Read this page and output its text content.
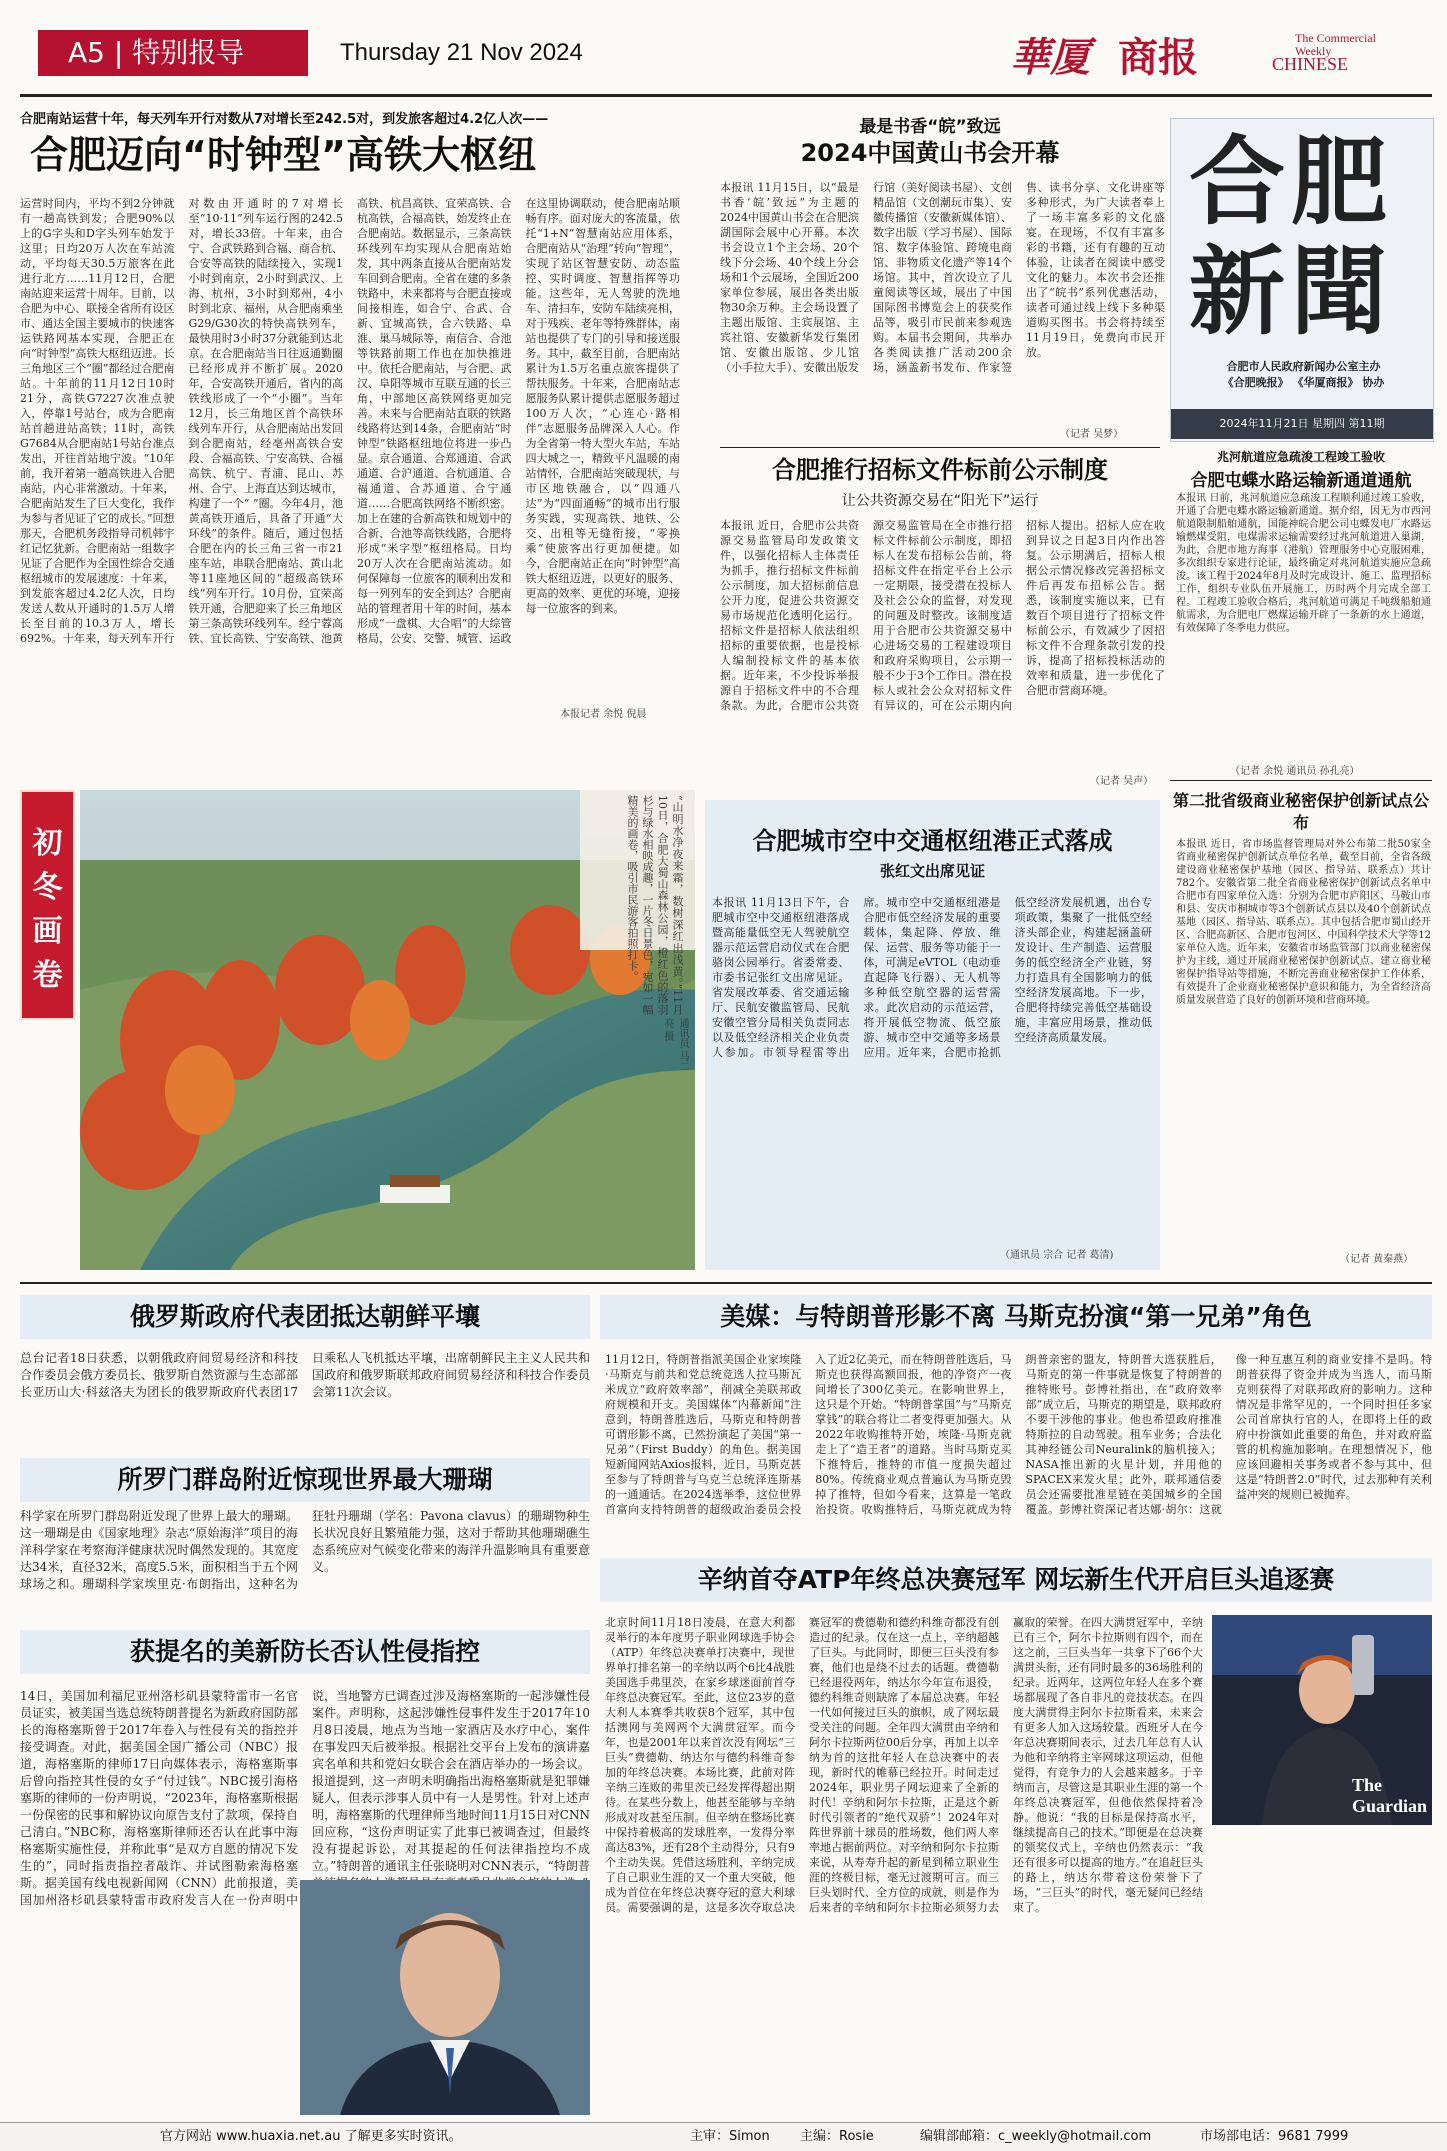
A5 | 特别报导	Thursday 21 Nov 2024	華厦 商报	The Commercial
Weekly
CHINESE
合肥南站运营十年，每天列车开行对数从7对增长至242.5对，到发旅客超过4.2亿人次——
合肥迈向“时钟型”高铁大枢纽
运营时间内，平均不到2分钟就有一趟高铁到发；合肥90%以上的G字头和D字头列车始发于这里；日均20万人次在车站流动，平均每天30.5万旅客在此进行北方……11月12日，合肥南站迎来运营十周年。目前，以合肥为中心、联接全省所有设区市、通达全国主要城市的快速客运铁路网基本实现，合肥正在向“时钟型”高铁大枢纽迈进。长三角地区三个“圈”都经过合肥南站。十年前的11月12日10时21分，高铁G7227次准点驶入，停靠1号站台，成为合肥南站首趟进站高铁；11时，高铁G7684从合肥南站1号站台准点发出，开往首站地宁波。“10年前，我开着第一趟高铁进入合肥南站，内心非常激动。十年来，合肥南站发生了巨大变化，我作为参与者见证了它的成长。”回想那天，合肥机务段指导司机韩宇红记忆犹新。合肥南站一组数字见证了合肥作为全国性综合交通枢纽城市的发展速度：十年来，到发旅客超过4.2亿人次，日均发送人数从开通时的1.5万人增长至目前的10.3万人，增长692%。十年来，每天列车开行对数由开通时的7对增长至“10·11”列车运行图的242.5对，增长33倍。十年来，由合宁、合武铁路到合福、商合杭、合安等高铁的陆续接入，实现1小时到南京，2小时到武汉、上海、杭州，3小时到郑州，4小时到北京、福州，从合肥南乘坐G29/G30次的特快高铁列车，最快用时3小时37分就能到达北京。在合肥南站当日往返通勤圈已经形成并不断扩展。2020年，合安高铁开通后，省内的高铁线形成了一个“小圈”。当年12月，长三角地区首个高铁环线列车开行，从合肥南站出发回到合肥南站，经亳州高铁合安段、合福高铁、宁安高铁、合福高铁、杭宁、青浦、昆山、苏州、合宁、上海直达到达城市，构建了一个“ ”圈。今年4月，池黄高铁开通后，具备了开通“大环线”的条件。随后，通过包括合肥在内的长三角三省一市21座车站，串联合肥南站、黄山北等11座地区间的“超级高铁环线”列车开行。10月份，宜荣高铁开通，合肥迎来了长三角地区第三条高铁环线列车。经宁蓉高铁、宜长高铁、宁安高铁、池黄高铁、杭昌高铁、宜荣高铁、合杭高铁，合福高铁，始发终止在合肥南站。数据显示，三条高铁环线列车均实现从合肥南站始发，其中两条直接从合肥南站发车回到合肥南。全省在建的多条铁路中，未来都将与合肥直接或间接相连，如合宁、合武、合新、宜城高铁，合六铁路、阜淮、巢马城际等，南信合、合池等铁路前期工作也在加快推进中。依托合肥南站，与合肥、武汉、阜阳等城市互联互通的长三角，中部地区高铁网络更加完善。未来与合肥南站直联的铁路线路将达到14条，合肥南站“时钟型”铁路枢纽地位将进一步凸显。京合通道、合郑通道、合武通道、合沪通道、合杭通道、合福通道、合苏通道、合宁通道……合肥高铁网络不断织密。加上在建的合新高铁和规划中的合新、合池等高铁线路，合肥将形成“米字型”枢纽格局。日均20万人次在合肥南站流动。如何保障每一位旅客的顺利出发和每一列列车的安全到达？合肥南站的管理者用十年的时间，基本形成“一盘棋、大合唱”的大综管格局，公安、交警、城管、运政在这里协调联动，使合肥南站顺畅有序。面对庞大的客流量，依托“1+N”智慧南站应用体系，合肥南站从“治理”转向“智理”，实现了站区智慧安防、动态监控、实时调度、智慧指挥等功能。这些年，无人驾驶的洗地车、清扫车，安防车陆续亮相，对于残疾、老年等特殊群体，南站也提供了专门的引导和接送服务。其中，截至目前，合肥南站累计为1.5万名重点旅客提供了帮扶服务。十年来，合肥南站志愿服务队累计提供志愿服务超过100万人次，“心连心·路相伴”志愿服务品牌深入人心。作为全省第一特大型火车站，车站四大城之一，精致平凡温暖的南站情怀，合肥南站突破现状，与市区地铁融合，以“四通八达”为“四面通畅”的城市出行服务实践，实现高铁、地铁、公交、出租等无缝衔接，“零换乘”使旅客出行更加便捷。如今，合肥南站正在向“时钟型”高铁大枢纽迈进，以更好的服务、更高的效率、更优的环境，迎接每一位旅客的到来。
本报记者 余悦 倪晨
最是书香“皖”致远
2024中国黄山书会开幕
本报讯 11月15日，以“最是书香‘皖’致远”为主题的2024中国黄山书会在合肥滨湖国际会展中心开幕。本次书会设立1个主会场、20个线下分会场、40个线上分会场和1个云展场，全国近200家单位参展，展出各类出版物30余万种。主会场设置了主题出版馆、主宾展馆、主宾社馆、安徽新华发行集团馆、安徽出版馆、少儿馆（小手拉大手）、安徽出版发行馆（美好阅读书屋）、文创精品馆（文创潮玩市集）、安徽传播馆（安徽新媒体馆）、数字出版（学习书屋）、国际馆、数字体验馆、跨境电商馆、非物质文化遗产等14个场馆。其中，首次设立了儿童阅读等区域，展出了中国国际图书博览会上的获奖作品等，吸引市民前来参观选购。本届书会期间，共举办各类阅读推广活动200余场，涵盖新书发布、作家签售、读书分享、文化讲座等多种形式，为广大读者奉上了一场丰富多彩的文化盛宴。在现场，不仅有丰富多彩的书籍，还有有趣的互动体验，让读者在阅读中感受文化的魅力。本次书会还推出了“皖书”系列优惠活动，读者可通过线上线下多种渠道购买图书。书会将持续至11月19日，免费向市民开放。
（记者 吴梦）
合肥新聞
合肥市人民政府新闻办公室主办
《合肥晚报》 《华厦商报》 协办
2024年11月21日 星期四 第11期
合肥推行招标文件标前公示制度
让公共资源交易在“阳光下”运行
本报讯 近日，合肥市公共资源交易监管局印发政策文件，以强化招标人主体责任为抓手，推行招标文件标前公示制度，加大招标前信息公开力度，促进公共资源交易市场规范化透明化运行。招标文件是招标人依法组织招标的重要依据，也是投标人编制投标文件的基本依据。近年来，不少投诉举报源自于招标文件中的不合理条款。为此，合肥市公共资源交易监管局在全市推行招标文件标前公示制度，即招标人在发布招标公告前，将招标文件在指定平台上公示一定期限，接受潜在投标人及社会公众的监督，对发现的问题及时整改。该制度适用于合肥市公共资源交易中心进场交易的工程建设项目和政府采购项目，公示期一般不少于3个工作日。潜在投标人或社会公众对招标文件有异议的，可在公示期内向招标人提出。招标人应在收到异议之日起3日内作出答复。公示期满后，招标人根据公示情况修改完善招标文件后再发布招标公告。据悉，该制度实施以来，已有数百个项目进行了招标文件标前公示，有效减少了因招标文件不合理条款引发的投诉，提高了招标投标活动的效率和质量，进一步优化了合肥市营商环境。
（记者 吴声）
兆河航道应急疏浚工程竣工验收
合肥屯蝶水路运输新通道通航
本报讯 日前，兆河航道应急疏浚工程顺利通过竣工验收，开通了合肥屯蝶水路运输新通道。据介绍，因无为市西河航道限制船舶通航，国能神皖合肥公司屯蝶发电厂水路运输燃煤受阻，电煤需求运输需要经过兆河航道进入巢湖，为此，合肥市地方海事（港航）管理服务中心克服困难，多次组织专家进行论证，最终确定对兆河航道实施应急疏浚。该工程于2024年8月及时完成设计、施工、监理招标工作，组织专业队伍开展施工，历时两个月完成全部工程。工程竣工验收合格后，兆河航道可满足千吨级船舶通航需求，为合肥电厂燃煤运输开辟了一条新的水上通道，有效保障了冬季电力供应。
（记者 余悦 通讯员 孙孔亮）
第二批省级商业秘密保护创新试点公布
本报讯 近日，省市场监督管理局对外公布第二批50家全省商业秘密保护创新试点单位名单，截至目前，全省各级建设商业秘密保护基地（园区、指导站、联系点）共计782个。安徽省第二批全省商业秘密保护创新试点名单中合肥市有四家单位入选：分别为合肥市庐阳区、马鞍山市和县、安庆市桐城市等3个创新试点县以及40个创新试点基地（园区、指导站、联系点）。其中包括合肥市蜀山经开区、合肥高新区、合肥市包河区、中国科学技术大学等12家单位入选。近年来，安徽省市场监管部门以商业秘密保护为主线，通过开展商业秘密保护创新试点、建立商业秘密保护指导站等措施，不断完善商业秘密保护工作体系，有效提升了企业商业秘密保护意识和能力，为全省经济高质量发展营造了良好的创新环境和营商环境。
（记者 黄秦燕）
初冬画卷	“山明水净夜来霜，数树深红出浅黄。”11月10日，合肥大蜀山森林公园，橙红色的落羽杉与绿水相映成趣，一片冬日景色，宛如一幅精美的画卷，吸引市民游客拍照打卡。
通讯员 马二亮 摄
合肥城市空中交通枢纽港正式落成
张红文出席见证
本报讯 11月13日下午，合肥城市空中交通枢纽港落成暨高能量低空无人驾驶航空器示范运营启动仪式在合肥骆岗公园举行。省委常委、市委书记张红文出席见证。省发展改革委、省交通运输厅、民航安徽监管局、民航安徽空管分局相关负责同志以及低空经济相关企业负责人参加。市领导程雷等出席。城市空中交通枢纽港是合肥市低空经济发展的重要载体，集起降、停放、维保、运营、服务等功能于一体，可满足eVTOL（电动垂直起降飞行器）、无人机等多种低空航空器的运营需求。此次启动的示范运营，将开展低空物流、低空旅游、城市空中交通等多场景应用。近年来，合肥市抢抓低空经济发展机遇，出台专项政策，集聚了一批低空经济头部企业，构建起涵盖研发设计、生产制造、运营服务的低空经济全产业链，努力打造具有全国影响力的低空经济发展高地。下一步，合肥将持续完善低空基础设施，丰富应用场景，推动低空经济高质量发展。
（通讯员 宗合 记者 葛清)
俄罗斯政府代表团抵达朝鲜平壤
总台记者18日获悉，以朝俄政府间贸易经济和科技合作委员会俄方委员长、俄罗斯自然资源与生态部部长亚历山大·科兹洛夫为团长的俄罗斯政府代表团17日乘私人飞机抵达平壤，出席朝鲜民主主义人民共和国政府和俄罗斯联邦政府间贸易经济和科技合作委员会第11次会议。
所罗门群岛附近惊现世界最大珊瑚
科学家在所罗门群岛附近发现了世界上最大的珊瑚。这一珊瑚是由《国家地理》杂志“原始海洋”项目的海洋科学家在考察海洋健康状况时偶然发现的。其宽度达34米，直径32米，高度5.5米，面积相当于五个网球场之和。珊瑚科学家埃里克·布朗指出，这种名为狂牡丹珊瑚（学名：Pavona clavus）的珊瑚物种生长状况良好且繁殖能力强，这对于帮助其他珊瑚礁生态系统应对气候变化带来的海洋升温影响具有重要意义。
获提名的美新防长否认性侵指控
14日，美国加利福尼亚州洛杉矶县蒙特雷市一名官员证实，被美国当选总统特朗普提名为新政府国防部长的海格塞斯曾于2017年卷入与性侵有关的指控并接受调查。对此，据美国全国广播公司（NBC）报道，海格塞斯的律师17日向媒体表示，海格塞斯事后曾向指控其性侵的女子“付过钱”。NBC援引海格塞斯的律师的一份声明说，“2023年，海格塞斯根据一份保密的民事和解协议向原告支付了款项，保持自己清白。”NBC称，海格塞斯律师还否认在此事中海格塞斯实施性侵，并称此事“是双方自愿的情况下发生的”，同时指责指控者敲诈、并试图勒索海格塞斯。据美国有线电视新闻网（CNN）此前报道，美国加州洛杉矶县蒙特雷市政府发言人在一份声明中说，当地警方已调查过涉及海格塞斯的一起涉嫌性侵案件。声明称，这起涉嫌性侵事件发生于2017年10月8日凌晨，地点为当地一家酒店及水疗中心，案件在事发四天后被举报。根据社交平台上发布的演讲嘉宾名单和共和党妇女联合会在酒店举办的一场会议。报道提到，这一声明未明确指出海格塞斯就是犯罪嫌疑人，但表示涉事人员中有一人是男性。针对上述声明，海格塞斯的代理律师当地时间11月15日对CNN回应称，“这份声明证实了此事已被调查过，但最终没有提起诉讼，对其提起的任何法律指控均不成立。”特朗普的通讯主任张晓明对CNN表示，“特朗普
美媒：与特朗普形影不离 马斯克扮演“第一兄弟”角色
11月12日，特朗普指派美国企业家埃隆·马斯克与前共和党总统竞选人拉马斯瓦米成立“政府效率部”，削减全美联邦政府规模和开支。美国媒体“内幕新闻”注意到，特朗普胜选后，马斯克和特朗普可谓形影不离，已然扮演起了美国“第一兄弟”（First Buddy）的角色。据美国短新闻网站Axios报料，近日，马斯克甚至参与了特朗普与乌克兰总统泽连斯基的一通通话。在2024选举季，这位世界首富向支持特朗普的超级政治委员会投入了近2亿美元，而在特朗普胜选后，马斯克也获得高额回报，他的净资产一夜间增长了300亿美元。在影响世界上，这只是个开始。“特朗普掌国”与“马斯克掌钱”的联合将让二者变得更加强大。从2022年收购推特开始，埃隆·马斯克就走上了“造王者”的道路。当时马斯克买下推特后，推特的市值一度损失超过80%。传统商业观点普遍认为马斯克毁掉了推特，但如今看来，这算是一笔政治投资。收购推特后，马斯克就成为特朗普亲密的盟友，特朗普大选获胜后，马斯克的第一件事就是恢复了特朗普的推特账号。彭博社指出，在“政府效率部”成立后，马斯克的期望是，联邦政府不要干涉他的事业。他也希望政府推准特斯拉的自动驾驶。租车业务；合法化其神经链公司Neuralink的脑机接入；NASA推出新的火星计划，并用他的SPACEX来发火星；此外，联邦通信委员会还需要批准星链在美国城乡的全国覆盖。彭博社资深记者达娜·胡尔：这就像一种互惠互利的商业安排不是吗。特朗普获得了资金并成为当选人，而马斯克则获得了对联邦政府的影响力。这种情况是非常罕见的，一个同时担任多家公司首席执行官的人，在即将上任的政府中扮演如此重要的角色，并对政府监管的机构施加影响。在理想情况下，他应该回避相关事务或者不参与其中，但这是“特朗普2.0”时代，过去那种有关利益冲突的规则已被抛弃。
辛纳首夺ATP年终总决赛冠军 网坛新生代开启巨头追逐赛
北京时间11月18日凌晨，在意大利都灵举行的本年度男子职业网球选手协会（ATP）年终总决赛单打决赛中，现世界单打排名第一的辛纳以两个6比4战胜美国选手弗里茨，在家乡球迷面前首夺年终总决赛冠军。至此，这位23岁的意大利人本赛季共收获8个冠军，其中包括澳网与美网两个大满贯冠军。而今年，也是2001年以来首次没有网坛“三巨头”费德勒、纳达尔与德约科维奇参加的年终总决赛。本场比赛，此前对阵辛纳三连败的弗里茨已经发挥得超出期待。在某些分数上，他甚至能够与辛纳形成对攻甚至压制。但辛纳在整场比赛中保持着极高的发球胜率，一发得分率高达83%，还有28个主动得分，只有9个主动失误。凭借这场胜利，辛纳完成了自己职业生涯的又一个重大突破，他成为首位在年终总决赛夺冠的意大利球员。需要强调的是，这是多次夺取总决赛冠军的费德勒和德约科维奇都没有创造过的纪录。仅在这一点上，辛纳超越了巨头。与此同时，即便三巨头没有参赛，他们也是绕不过去的话题。费德勒已经退役两年，纳达尔今年宣布退役，德约科维奇则缺席了本届总决赛。年轻一代如何接过巨头的旗帜，成了网坛最受关注的问题。全年四大满贯由辛纳和阿尔卡拉斯两位00后分享，再加上以辛纳为首的这批年轻人在总决赛中的表现，新时代的帷幕已经拉开。时间走过2024年，职业男子网坛迎来了全新的时代！辛纳和阿尔卡拉斯，正是这个新时代引领者的“绝代双骄”！2024年对阵世界前十球员的胜场数，他们两人率率地占据前两位。对辛纳和阿尔卡拉斯来说，从寿寿升起的新星到稀立职业生涯的终极目标，毫无过渡期可言。而三巨头划时代、全方位的成就，则是作为后来者的辛纳和阿尔卡拉斯必须努力去赢取的荣誉。在四大满贯冠军中，辛纳已有三个，阿尔卡拉斯则有四个，而在这之前，三巨头当年一共拿下了66个大满贯头衔，还有同时最多的36场胜利的纪录。近两年，这两位年轻人在多个赛场都展现了各自非凡的竞技状态。在四度大满贯得主阿尔卡拉斯看来，未来会有更多人加入这场较量。西班牙人在今年总决赛期间表示，过去几年总有人认为他和辛纳将主宰网球这项运动，但他觉得，有竞争力的人会越来越多。于辛纳而言，尽管这是其职业生涯的第一个年终总决赛冠军，但他依然保持着冷静。他说：“我的目标是保持高水平，继续提高自己的技术。”即便是在总决赛的领奖仪式上，辛纳也仍然表示：“我还有很多可以提高的地方。”在追赶巨头的路上，纳达尔带着这份荣誉下了场，“三巨头”的时代，毫无疑问已经结束了。
The Guardian
官方网站 www.huaxia.net.au 了解更多实时资讯。	主审：Simon 主编：Rosie	编辑部邮箱：c_weekly@hotmail.com	市场部电话：9681 7999
